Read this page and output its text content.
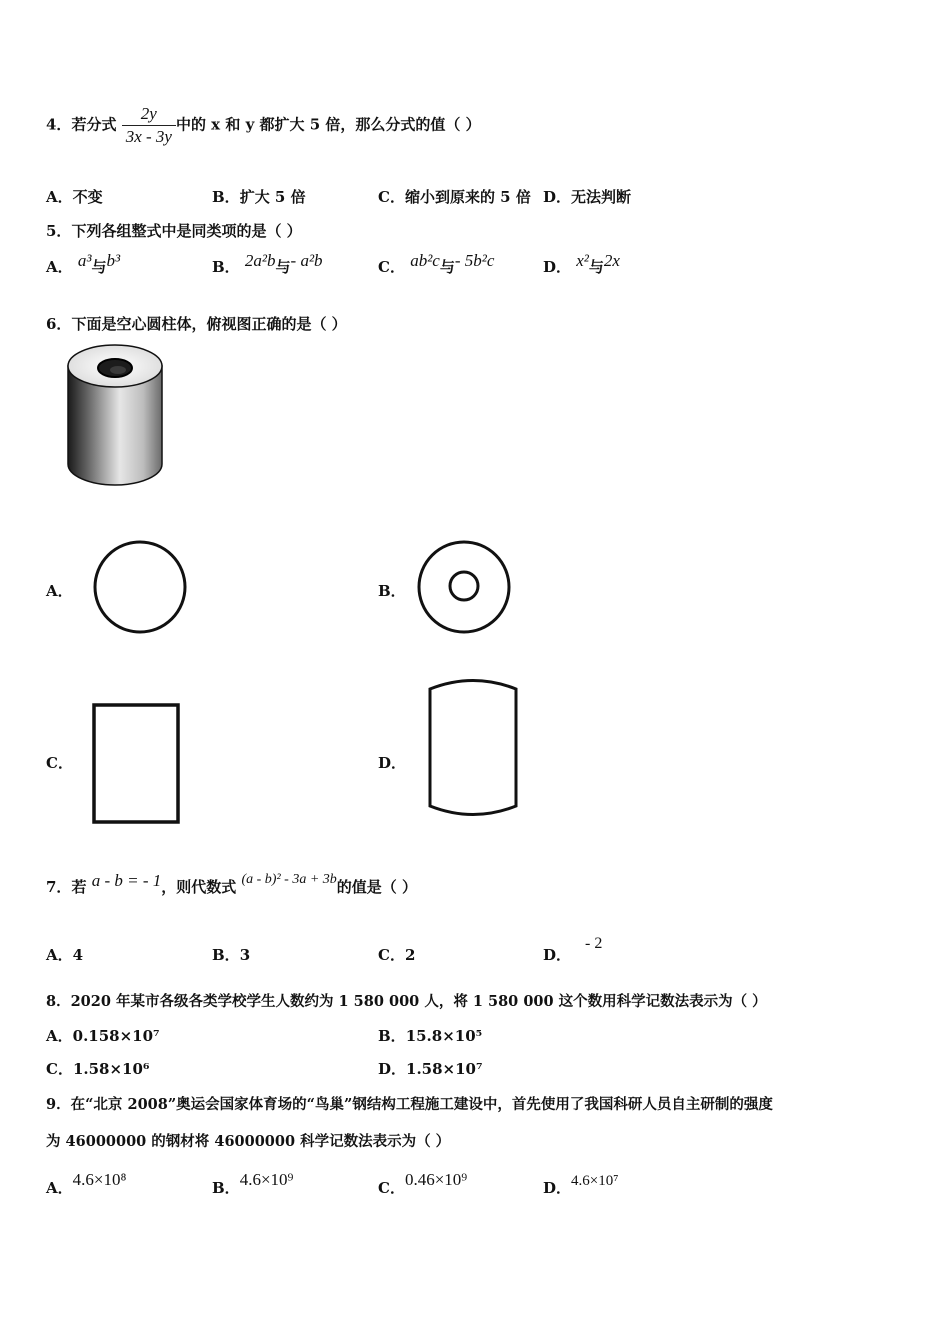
4．若分式 $\frac{2y}{3x - 3y}$ 中的 x 和 y 都扩大 5 倍，那么分式的值（ ）
A．不变	B．扩大 5 倍	C．缩小到原来的 5 倍 D．无法判断
5．下列各组整式中是同类项的是（ ）
A． a³与b³	B． 2a²b与- a²b	C． ab²c与- 5b²c	D． x²与2x
6．下面是空心圆柱体，俯视图正确的是（ ）
A．	B．
C．	D．
7．若 a - b = - 1，则代数式 (a - b)² - 3a + 3b的值是（ ）
A．4	B．3	C．2	D．- 2
8．2020 年某市各级各类学校学生人数约为 1 580 000 人，将 1 580 000 这个数用科学记数法表示为（ ）
A．0.158×10⁷	B．15.8×10⁵
C．1.58×10⁶	D．1.58×10⁷
9．在“北京 2008”奥运会国家体育场的“鸟巢”钢结构工程施工建设中，首先使用了我国科研人员自主研制的强度
为 46000000 的钢材将 46000000 科学记数法表示为（ ）
A．4.6×10⁸	B．4.6×10⁹	C．0.46×10⁹	D．4.6×10⁷
